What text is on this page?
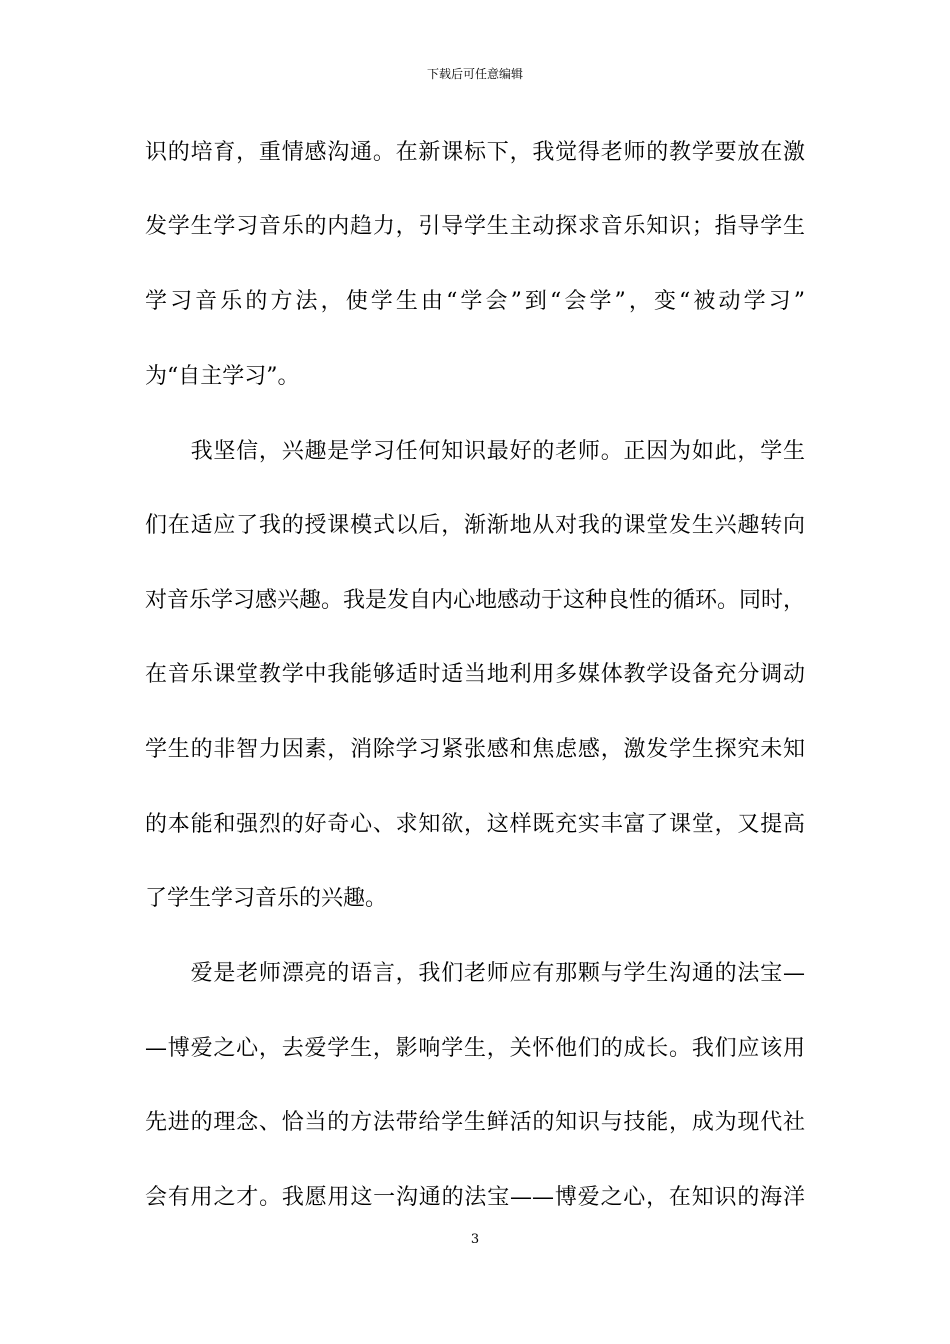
下载后可任意编辑
识的培育，重情感沟通。在新课标下，我觉得老师的教学要放在激
发学生学习音乐的内趋力，引导学生主动探求音乐知识；指导学生
学习音乐的方法，使学生由“学会”到“会学”，变“被动学习”
为“自主学习”。
　　我坚信，兴趣是学习任何知识最好的老师。正因为如此，学生
们在适应了我的授课模式以后，渐渐地从对我的课堂发生兴趣转向
对音乐学习感兴趣。我是发自内心地感动于这种良性的循环。同时，
在音乐课堂教学中我能够适时适当地利用多媒体教学设备充分调动
学生的非智力因素，消除学习紧张感和焦虑感，激发学生探究未知
的本能和强烈的好奇心、求知欲，这样既充实丰富了课堂，又提高
了学生学习音乐的兴趣。
　　爱是老师漂亮的语言，我们老师应有那颗与学生沟通的法宝—
—博爱之心，去爱学生，影响学生，关怀他们的成长。我们应该用
先进的理念、恰当的方法带给学生鲜活的知识与技能，成为现代社
会有用之才。我愿用这一沟通的法宝——博爱之心，在知识的海洋
3
